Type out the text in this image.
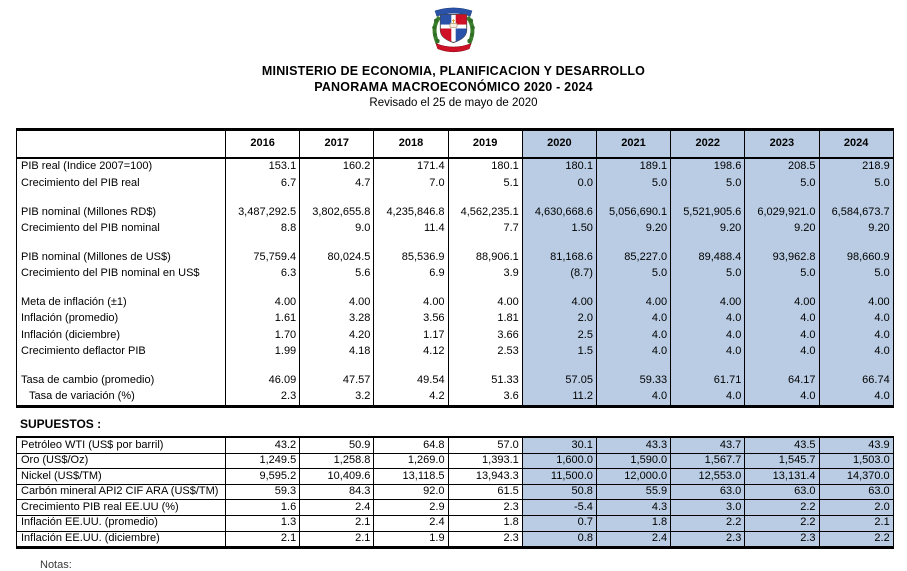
MINISTERIO DE ECONOMIA, PLANIFICACION Y DESARROLLO
PANORAMA MACROECONÓMICO 2020 - 2024
Revisado el 25 de mayo de 2020
	2016	2017	2018	2019	2020	2021	2022	2023	2024
PIB real (Indice 2007=100)	153.1	160.2	171.4	180.1	180.1	189.1	198.6	208.5	218.9
Crecimiento del PIB real	6.7	4.7	7.0	5.1	0.0	5.0	5.0	5.0	5.0

PIB nominal (Millones RD$)	3,487,292.5	3,802,655.8	4,235,846.8	4,562,235.1	4,630,668.6	5,056,690.1	5,521,905.6	6,029,921.0	6,584,673.7
Crecimiento del PIB nominal	8.8	9.0	11.4	7.7	1.50	9.20	9.20	9.20	9.20

PIB nominal (Millones de US$)	75,759.4	80,024.5	85,536.9	88,906.1	81,168.6	85,227.0	89,488.4	93,962.8	98,660.9
Crecimiento del PIB nominal en US$	6.3	5.6	6.9	3.9	(8.7)	5.0	5.0	5.0	5.0

Meta de inflación (±1)	4.00	4.00	4.00	4.00	4.00	4.00	4.00	4.00	4.00
Inflación (promedio)	1.61	3.28	3.56	1.81	2.0	4.0	4.0	4.0	4.0
Inflación (diciembre)	1.70	4.20	1.17	3.66	2.5	4.0	4.0	4.0	4.0
Crecimiento deflactor PIB	1.99	4.18	4.12	2.53	1.5	4.0	4.0	4.0	4.0

Tasa de cambio (promedio)	46.09	47.57	49.54	51.33	57.05	59.33	61.71	64.17	66.74
Tasa de variación (%)	2.3	3.2	4.2	3.6	11.2	4.0	4.0	4.0	4.0
SUPUESTOS :
Petróleo WTI (US$ por barril)	43.2	50.9	64.8	57.0	30.1	43.3	43.7	43.5	43.9
Oro (US$/Oz)	1,249.5	1,258.8	1,269.0	1,393.1	1,600.0	1,590.0	1,567.7	1,545.7	1,503.0
Nickel (US$/TM)	9,595.2	10,409.6	13,118.5	13,943.3	11,500.0	12,000.0	12,553.0	13,131.4	14,370.0
Carbón mineral API2 CIF ARA (US$/TM)	59.3	84.3	92.0	61.5	50.8	55.9	63.0	63.0	63.0
Crecimiento PIB real EE.UU (%)	1.6	2.4	2.9	2.3	-5.4	4.3	3.0	2.2	2.0
Inflación EE.UU. (promedio)	1.3	2.1	2.4	1.8	0.7	1.8	2.2	2.2	2.1
Inflación EE.UU. (diciembre)	2.1	2.1	1.9	2.3	0.8	2.4	2.3	2.3	2.2
Notas:
